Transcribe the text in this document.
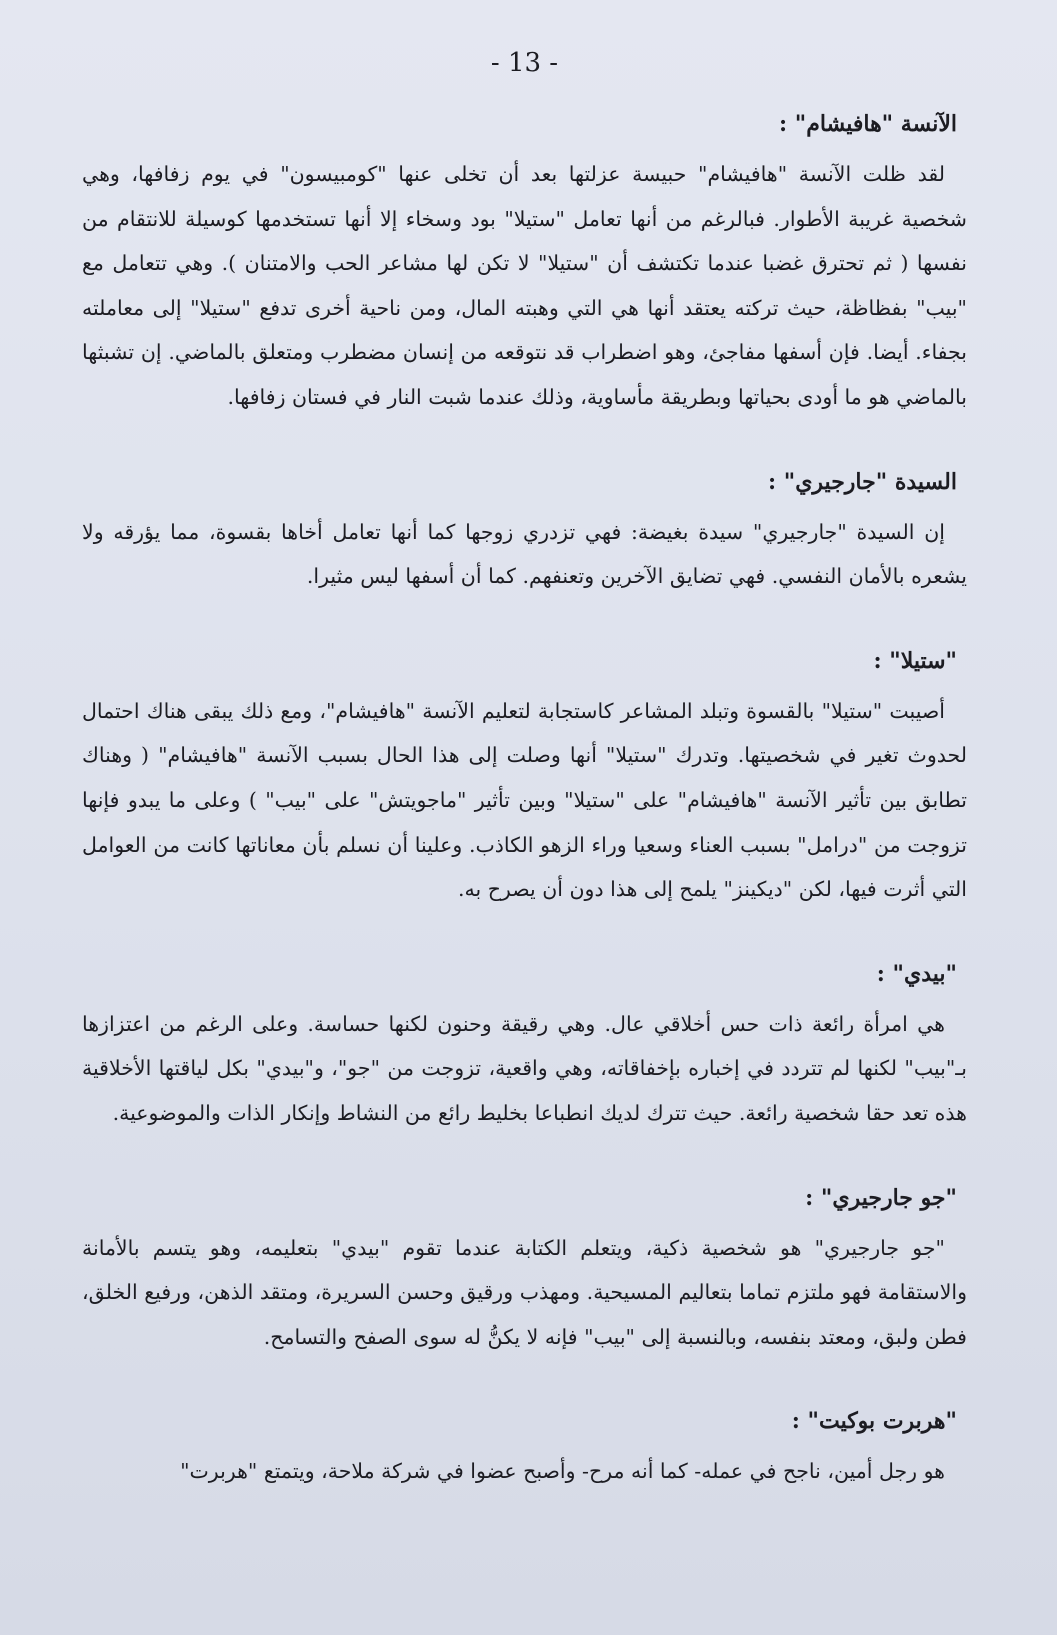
- 13 -
الآنسة "هافيشام" :

لقد ظلت الآنسة "هافيشام" حبيسة عزلتها بعد أن تخلى عنها "كومبيسون" في يوم زفافها، وهي شخصية غريبة الأطوار. فبالرغم من أنها تعامل "ستيلا" بود وسخاء إلا أنها تستخدمها كوسيلة للانتقام من نفسها ( ثم تحترق غضبا عندما تكتشف أن "ستيلا" لا تكن لها مشاعر الحب والامتنان ). وهي تتعامل مع "بيب" بفظاظة، حيث تركته يعتقد أنها هي التي وهبته المال، ومن ناحية أخرى تدفع "ستيلا" إلى معاملته بجفاء. أيضا. فإن أسفها مفاجئ، وهو اضطراب قد نتوقعه من إنسان مضطرب ومتعلق بالماضي. إن تشبثها بالماضي هو ما أودى بحياتها وبطريقة مأساوية، وذلك عندما شبت النار في فستان زفافها.

السيدة "جارجيري" :

إن السيدة "جارجيري" سيدة بغيضة: فهي تزدري زوجها كما أنها تعامل أخاها بقسوة، مما يؤرقه ولا يشعره بالأمان النفسي. فهي تضايق الآخرين وتعنفهم. كما أن أسفها ليس مثيرا.

"ستيلا" :

أصيبت "ستيلا" بالقسوة وتبلد المشاعر كاستجابة لتعليم الآنسة "هافيشام"، ومع ذلك يبقى هناك احتمال لحدوث تغير في شخصيتها. وتدرك "ستيلا" أنها وصلت إلى هذا الحال بسبب الآنسة "هافيشام" ( وهناك تطابق بين تأثير الآنسة "هافيشام" على "ستيلا" وبين تأثير "ماجويتش" على "بيب" ) وعلى ما يبدو فإنها تزوجت من "درامل" بسبب العناء وسعيا وراء الزهو الكاذب. وعلينا أن نسلم بأن معاناتها كانت من العوامل التي أثرت فيها، لكن "ديكينز" يلمح إلى هذا دون أن يصرح به.

"بيدي" :

هي امرأة رائعة ذات حس أخلاقي عال. وهي رقيقة وحنون لكنها حساسة. وعلى الرغم من اعتزازها بـ"بيب" لكنها لم تتردد في إخباره بإخفاقاته، وهي واقعية، تزوجت من "جو"، و"بيدي" بكل لياقتها الأخلاقية هذه تعد حقا شخصية رائعة. حيث تترك لديك انطباعا بخليط رائع من النشاط وإنكار الذات والموضوعية.

"جو جارجيري" :

"جو جارجيري" هو شخصية ذكية، ويتعلم الكتابة عندما تقوم "بيدي" بتعليمه، وهو يتسم بالأمانة والاستقامة فهو ملتزم تماما بتعاليم المسيحية. ومهذب ورقيق وحسن السريرة، ومتقد الذهن، ورفيع الخلق، فطن ولبق، ومعتد بنفسه، وبالنسبة إلى "بيب" فإنه لا يكنُّ له سوى الصفح والتسامح.

"هربرت بوكيت" :

هو رجل أمين، ناجح في عمله- كما أنه مرح- وأصبح عضوا في شركة ملاحة، ويتمتع "هربرت"
